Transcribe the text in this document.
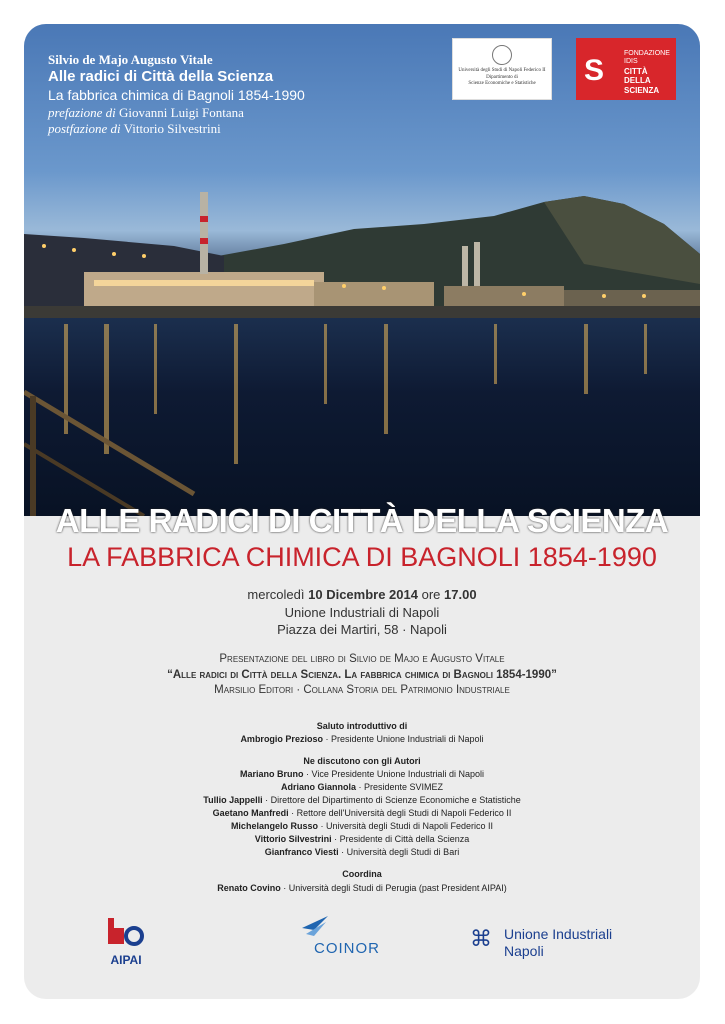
Silvio de Majo Augusto Vitale
Alle radici di Città della Scienza
La fabbrica chimica di Bagnoli 1854-1990
prefazione di Giovanni Luigi Fontana
postfazione di Vittorio Silvestrini
Università degli Studi di Napoli Federico II
Dipartimento di
Scienze Economiche e Statistiche	S
FONDAZIONE
IDIS
CITTÀ
DELLA
SCIENZA
ALLE RADICI DI CITTÀ DELLA SCIENZA
LA FABBRICA CHIMICA DI BAGNOLI 1854-1990
mercoledì 10 Dicembre 2014 ore 17.00
Unione Industriali di Napoli
Piazza dei Martiri, 58 · Napoli
Presentazione del libro di Silvio de Majo e Augusto Vitale
“Alle radici di Città della Scienza. La fabbrica chimica di Bagnoli 1854-1990”
Marsilio Editori · Collana Storia del Patrimonio Industriale
Saluto introduttivo di
Ambrogio Prezioso · Presidente Unione Industriali di Napoli
Ne discutono con gli Autori
Mariano Bruno · Vice Presidente Unione Industriali di Napoli
Adriano Giannola · Presidente SVIMEZ
Tullio Jappelli · Direttore del Dipartimento di Scienze Economiche e Statistiche
Gaetano Manfredi · Rettore dell'Università degli Studi di Napoli Federico II
Michelangelo Russo · Università degli Studi di Napoli Federico II
Vittorio Silvestrini · Presidente di Città della Scienza
Gianfranco Viesti · Università degli Studi di Bari
Coordina
Renato Covino · Università degli Studi di Perugia (past President AIPAI)
AIPAI
COINOR	⌘ Unione Industriali
Napoli
